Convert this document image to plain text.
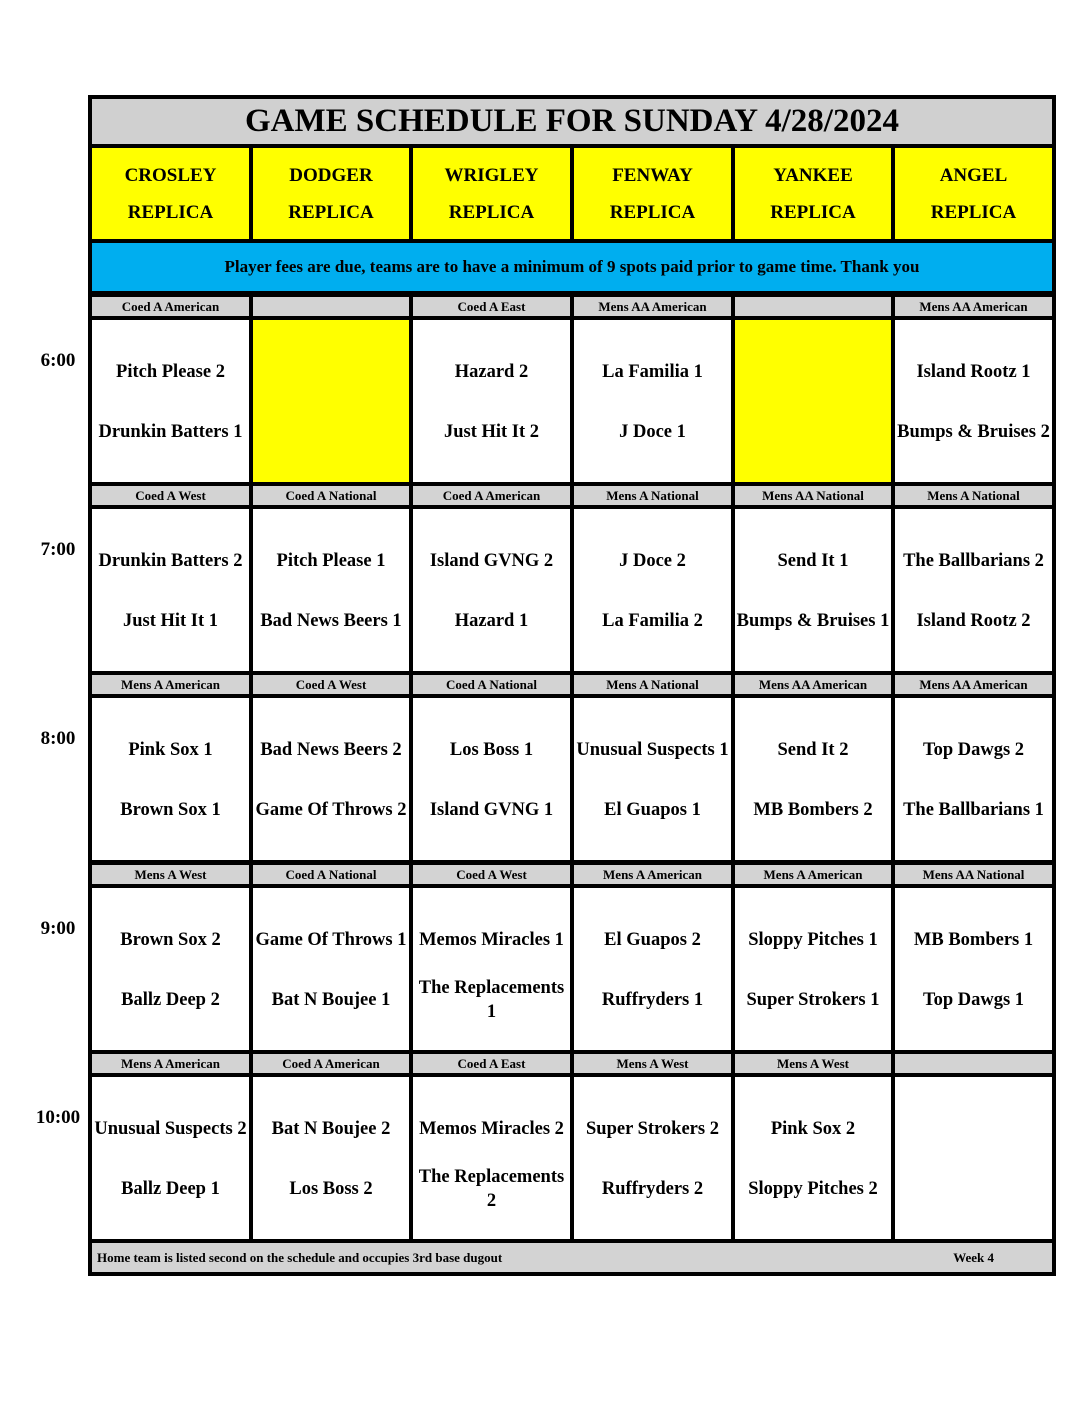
GAME SCHEDULE FOR SUNDAY 4/28/2024
Player fees are due, teams are to have a minimum of 9 spots paid prior to game time. Thank you
Home team is listed second on the schedule and occupies 3rd base dugout	Week 4
CROSLEY
REPLICA
DODGER
REPLICA
WRIGLEY
REPLICA
FENWAY
REPLICA
YANKEE
REPLICA
ANGEL
REPLICA
Coed A American
Pitch Please 2
Drunkin Batters 1
Coed A East
Hazard 2
Just Hit It 2
Mens AA American
La Familia 1
J Doce 1
Mens AA American
Island Rootz 1
Bumps & Bruises 2
Coed A West
Drunkin Batters 2
Just Hit It 1
Coed A National
Pitch Please 1
Bad News Beers 1
Coed A American
Island GVNG 2
Hazard 1
Mens A National
J Doce 2
La Familia 2
Mens AA National
Send It 1
Bumps & Bruises 1
Mens A National
The Ballbarians 2
Island Rootz 2
Mens A American
Pink Sox 1
Brown Sox 1
Coed A West
Bad News Beers 2
Game Of Throws 2
Coed A National
Los Boss 1
Island GVNG 1
Mens A National
Unusual Suspects 1
El Guapos 1
Mens AA American
Send It 2
MB Bombers 2
Mens AA American
Top Dawgs 2
The Ballbarians 1
Mens A West
Brown Sox 2
Ballz Deep 2
Coed A National
Game Of Throws 1
Bat N Boujee 1
Coed A West
Memos Miracles 1
The Replacements 1
Mens A American
El Guapos 2
Ruffryders 1
Mens A American
Sloppy Pitches 1
Super Strokers 1
Mens AA National
MB Bombers 1
Top Dawgs 1
Mens A American
Unusual Suspects 2
Ballz Deep 1
Coed A American
Bat N Boujee 2
Los Boss 2
Coed A East
Memos Miracles 2
The Replacements 2
Mens A West
Super Strokers 2
Ruffryders 2
Mens A West
Pink Sox 2
Sloppy Pitches 2
6:00
7:00
8:00
9:00
10:00
